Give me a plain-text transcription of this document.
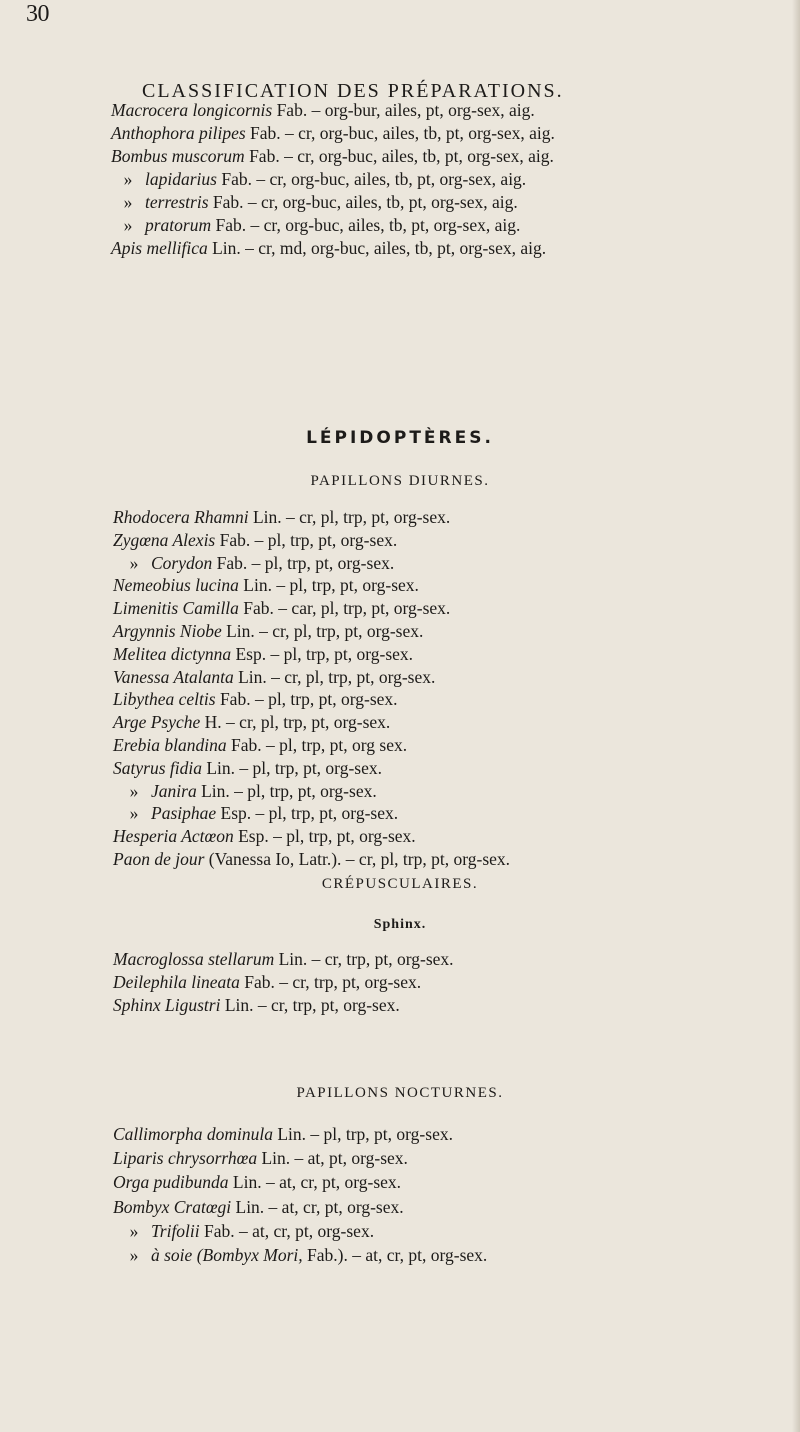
30
CLASSIFICATION DES PRÉPARATIONS.
Macrocera longicornis Fab. – org-bur, ailes, pt, org-sex, aig.
Anthophora pilipes Fab. – cr, org-buc, ailes, tb, pt, org-sex, aig.
Bombus muscorum Fab. – cr, org-buc, ailes, tb, pt, org-sex, aig.
» lapidarius Fab. – cr, org-buc, ailes, tb, pt, org-sex, aig.
» terrestris Fab. – cr, org-buc, ailes, tb, pt, org-sex, aig.
» pratorum Fab. – cr, org-buc, ailes, tb, pt, org-sex, aig.
Apis mellifica Lin. – cr, md, org-buc, ailes, tb, pt, org-sex, aig.
LÉPIDOPTÈRES.
PAPILLONS DIURNES.
Rhodocera Rhamni Lin. – cr, pl, trp, pt, org-sex.
Zygœna Alexis Fab. – pl, trp, pt, org-sex.
» Corydon Fab. – pl, trp, pt, org-sex.
Nemeobius lucina Lin. – pl, trp, pt, org-sex.
Limenitis Camilla Fab. – car, pl, trp, pt, org-sex.
Argynnis Niobe Lin. – cr, pl, trp, pt, org-sex.
Melitea dictynna Esp. – pl, trp, pt, org-sex.
Vanessa Atalanta Lin. – cr, pl, trp, pt, org-sex.
Libythea celtis Fab. – pl, trp, pt, org-sex.
Arge Psyche H. – cr, pl, trp, pt, org-sex.
Erebia blandina Fab. – pl, trp, pt, org sex.
Satyrus fidia Lin. – pl, trp, pt, org-sex.
» Janira Lin. – pl, trp, pt, org-sex.
» Pasiphae Esp. – pl, trp, pt, org-sex.
Hesperia Actœon Esp. – pl, trp, pt, org-sex.
Paon de jour (Vanessa Io, Latr.). – cr, pl, trp, pt, org-sex.
CRÉPUSCULAIRES.
Sphinx.
Macroglossa stellarum Lin. – cr, trp, pt, org-sex.
Deilephila lineata Fab. – cr, trp, pt, org-sex.
Sphinx Ligustri Lin. – cr, trp, pt, org-sex.
PAPILLONS NOCTURNES.
Callimorpha dominula Lin. – pl, trp, pt, org-sex.
Liparis chrysorrhœa Lin. – at, pt, org-sex.
Orga pudibunda Lin. – at, cr, pt, org-sex.
Bombyx Cratœgi Lin. – at, cr, pt, org-sex.
» Trifolii Fab. – at, cr, pt, org-sex.
» à soie (Bombyx Mori, Fab.). – at, cr, pt, org-sex.
